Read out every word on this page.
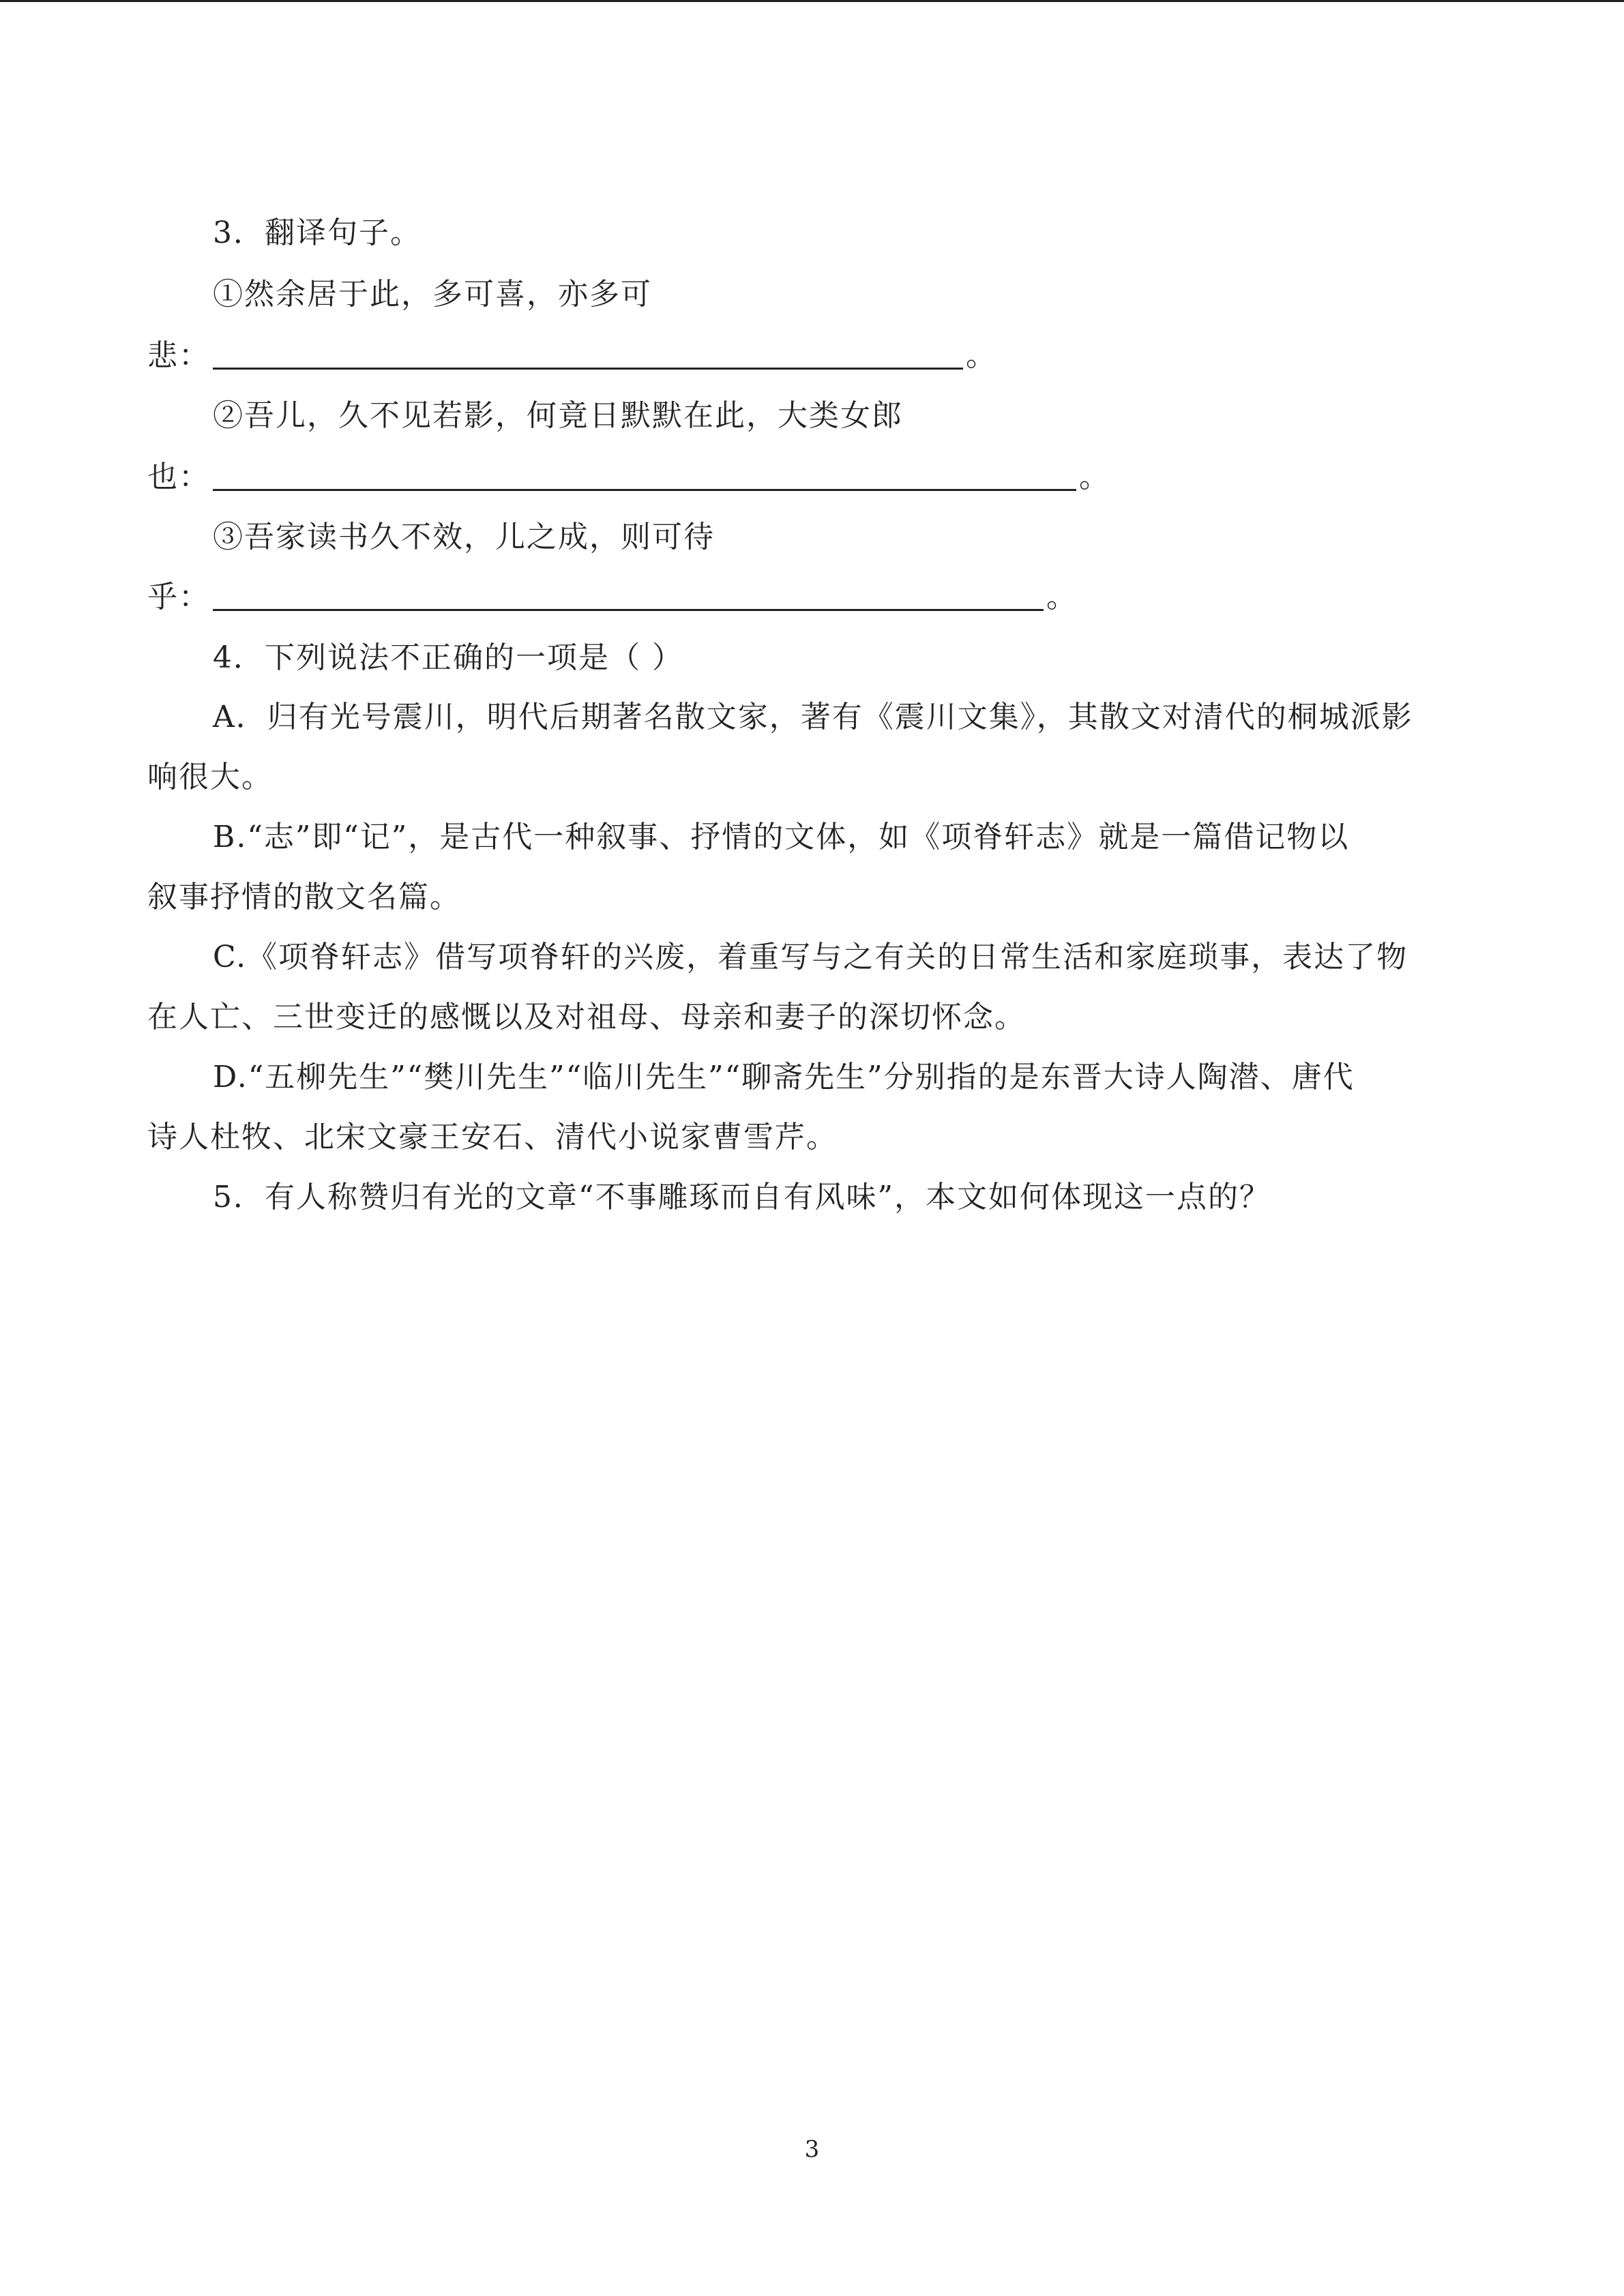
3．翻译句子。
①然余居于此，多可喜，亦多可
悲：	。
②吾儿，久不见若影，何竟日默默在此，大类女郎
也：	。
③吾家读书久不效，儿之成，则可待
乎：	。
4．下列说法不正确的一项是（ ）
A．归有光号震川，明代后期著名散文家，著有《震川文集》，其散文对清代的桐城派影
响很大。
B.“志”即“记”，是古代一种叙事、抒情的文体，如《项脊轩志》就是一篇借记物以
叙事抒情的散文名篇。
C.《项脊轩志》借写项脊轩的兴废，着重写与之有关的日常生活和家庭琐事，表达了物
在人亡、三世变迁的感慨以及对祖母、母亲和妻子的深切怀念。
D.“五柳先生”“樊川先生”“临川先生”“聊斋先生”分别指的是东晋大诗人陶潜、唐代
诗人杜牧、北宋文豪王安石、清代小说家曹雪芹。
5．有人称赞归有光的文章“不事雕琢而自有风味”，本文如何体现这一点的？
3
